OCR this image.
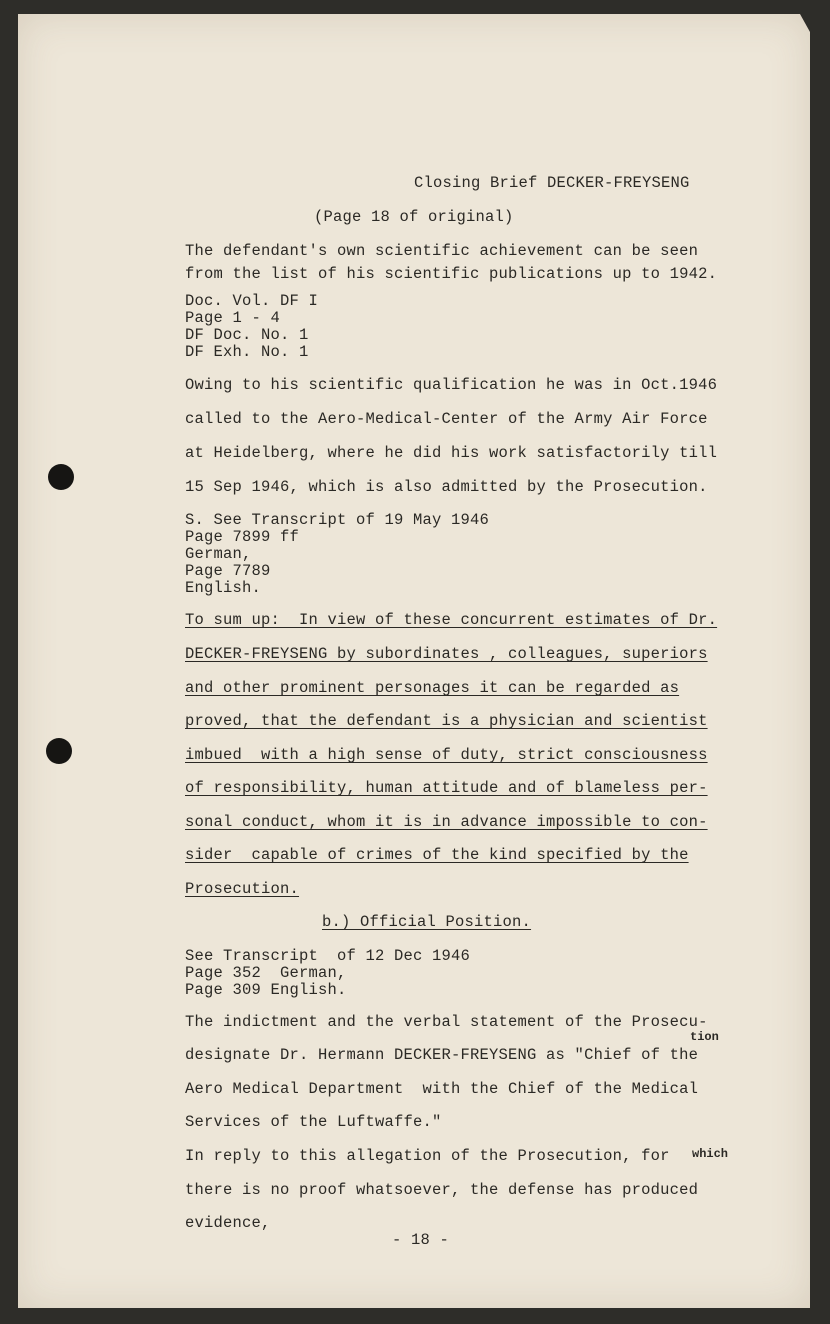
Closing Brief DECKER-FREYSENG

(Page 18 of original)

The defendant's own scientific achievement can be seen

from the list of his scientific publications up to 1942.

Doc. Vol. DF I

Page 1 - 4

DF Doc. No. 1

DF Exh. No. 1

Owing to his scientific qualification he was in Oct.1946

called to the Aero-Medical-Center of the Army Air Force

at Heidelberg, where he did his work satisfactorily till

15 Sep 1946, which is also admitted by the Prosecution.

S. See Transcript of 19 May 1946

Page 7899 ff

German,

Page 7789

English.

To sum up:  In view of these concurrent estimates of Dr.

DECKER-FREYSENG by subordinates , colleagues, superiors

and other prominent personages it can be regarded as

proved, that the defendant is a physician and scientist

imbued  with a high sense of duty, strict consciousness

of responsibility, human attitude and of blameless per-

sonal conduct, whom it is in advance impossible to con-

sider  capable of crimes of the kind specified by the

Prosecution.

b.) Official Position.

See Transcript  of 12 Dec 1946

Page 352  German,

Page 309 English.

The indictment and the verbal statement of the Prosecu-

tion

designate Dr. Hermann DECKER-FREYSENG as "Chief of the

Aero Medical Department  with the Chief of the Medical

Services of the Luftwaffe."

In reply to this allegation of the Prosecution, for which

there is no proof whatsoever, the defense has produced

evidence,

- 18 -
